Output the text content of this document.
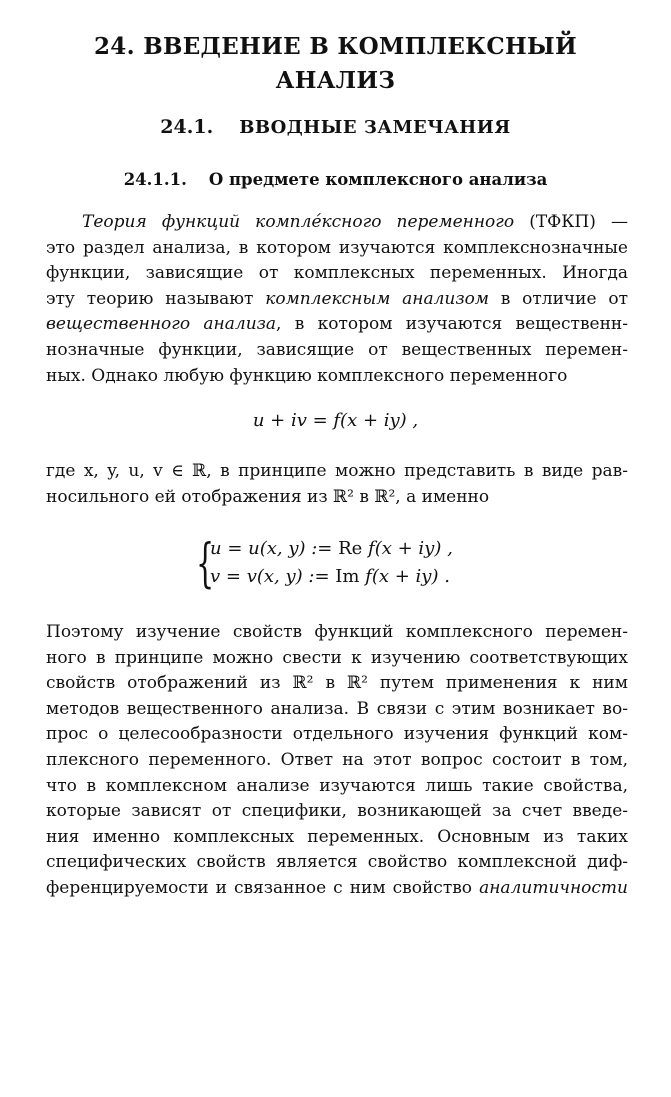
24. ВВЕДЕНИЕ В КОМПЛЕКСНЫЙ
АНАЛИЗ
24.1. ВВОДНЫЕ ЗАМЕЧАНИЯ
24.1.1. О предмете комплексного анализа
Теория функций комплéксного переменного (ТФКП) —
это раздел анализа, в котором изучаются комплекснозначные
функции, зависящие от комплексных переменных. Иногда
эту теорию называют комплексным анализом в отличие от
вещественного анализа, в котором изучаются вещественн-
нозначные функции, зависящие от вещественных перемен-
ных. Однако любую функцию комплексного переменного
u + iv = f(x + iy) ,
где x, y, u, v ∈ ℝ, в принципе можно представить в виде рав-
носильного ей отображения из ℝ² в ℝ², а именно
{
u = u(x, y) := Re f(x + iy) ,
v = v(x, y) := Im f(x + iy) .
Поэтому изучение свойств функций комплексного перемен-
ного в принципе можно свести к изучению соответствующих
свойств отображений из ℝ² в ℝ² путем применения к ним
методов вещественного анализа. В связи с этим возникает во-
прос о целесообразности отдельного изучения функций ком-
плексного переменного. Ответ на этот вопрос состоит в том,
что в комплексном анализе изучаются лишь такие свойства,
которые зависят от специфики, возникающей за счет введе-
ния именно комплексных переменных. Основным из таких
специфических свойств является свойство комплексной диф-
ференцируемости и связанное с ним свойство аналитичности
